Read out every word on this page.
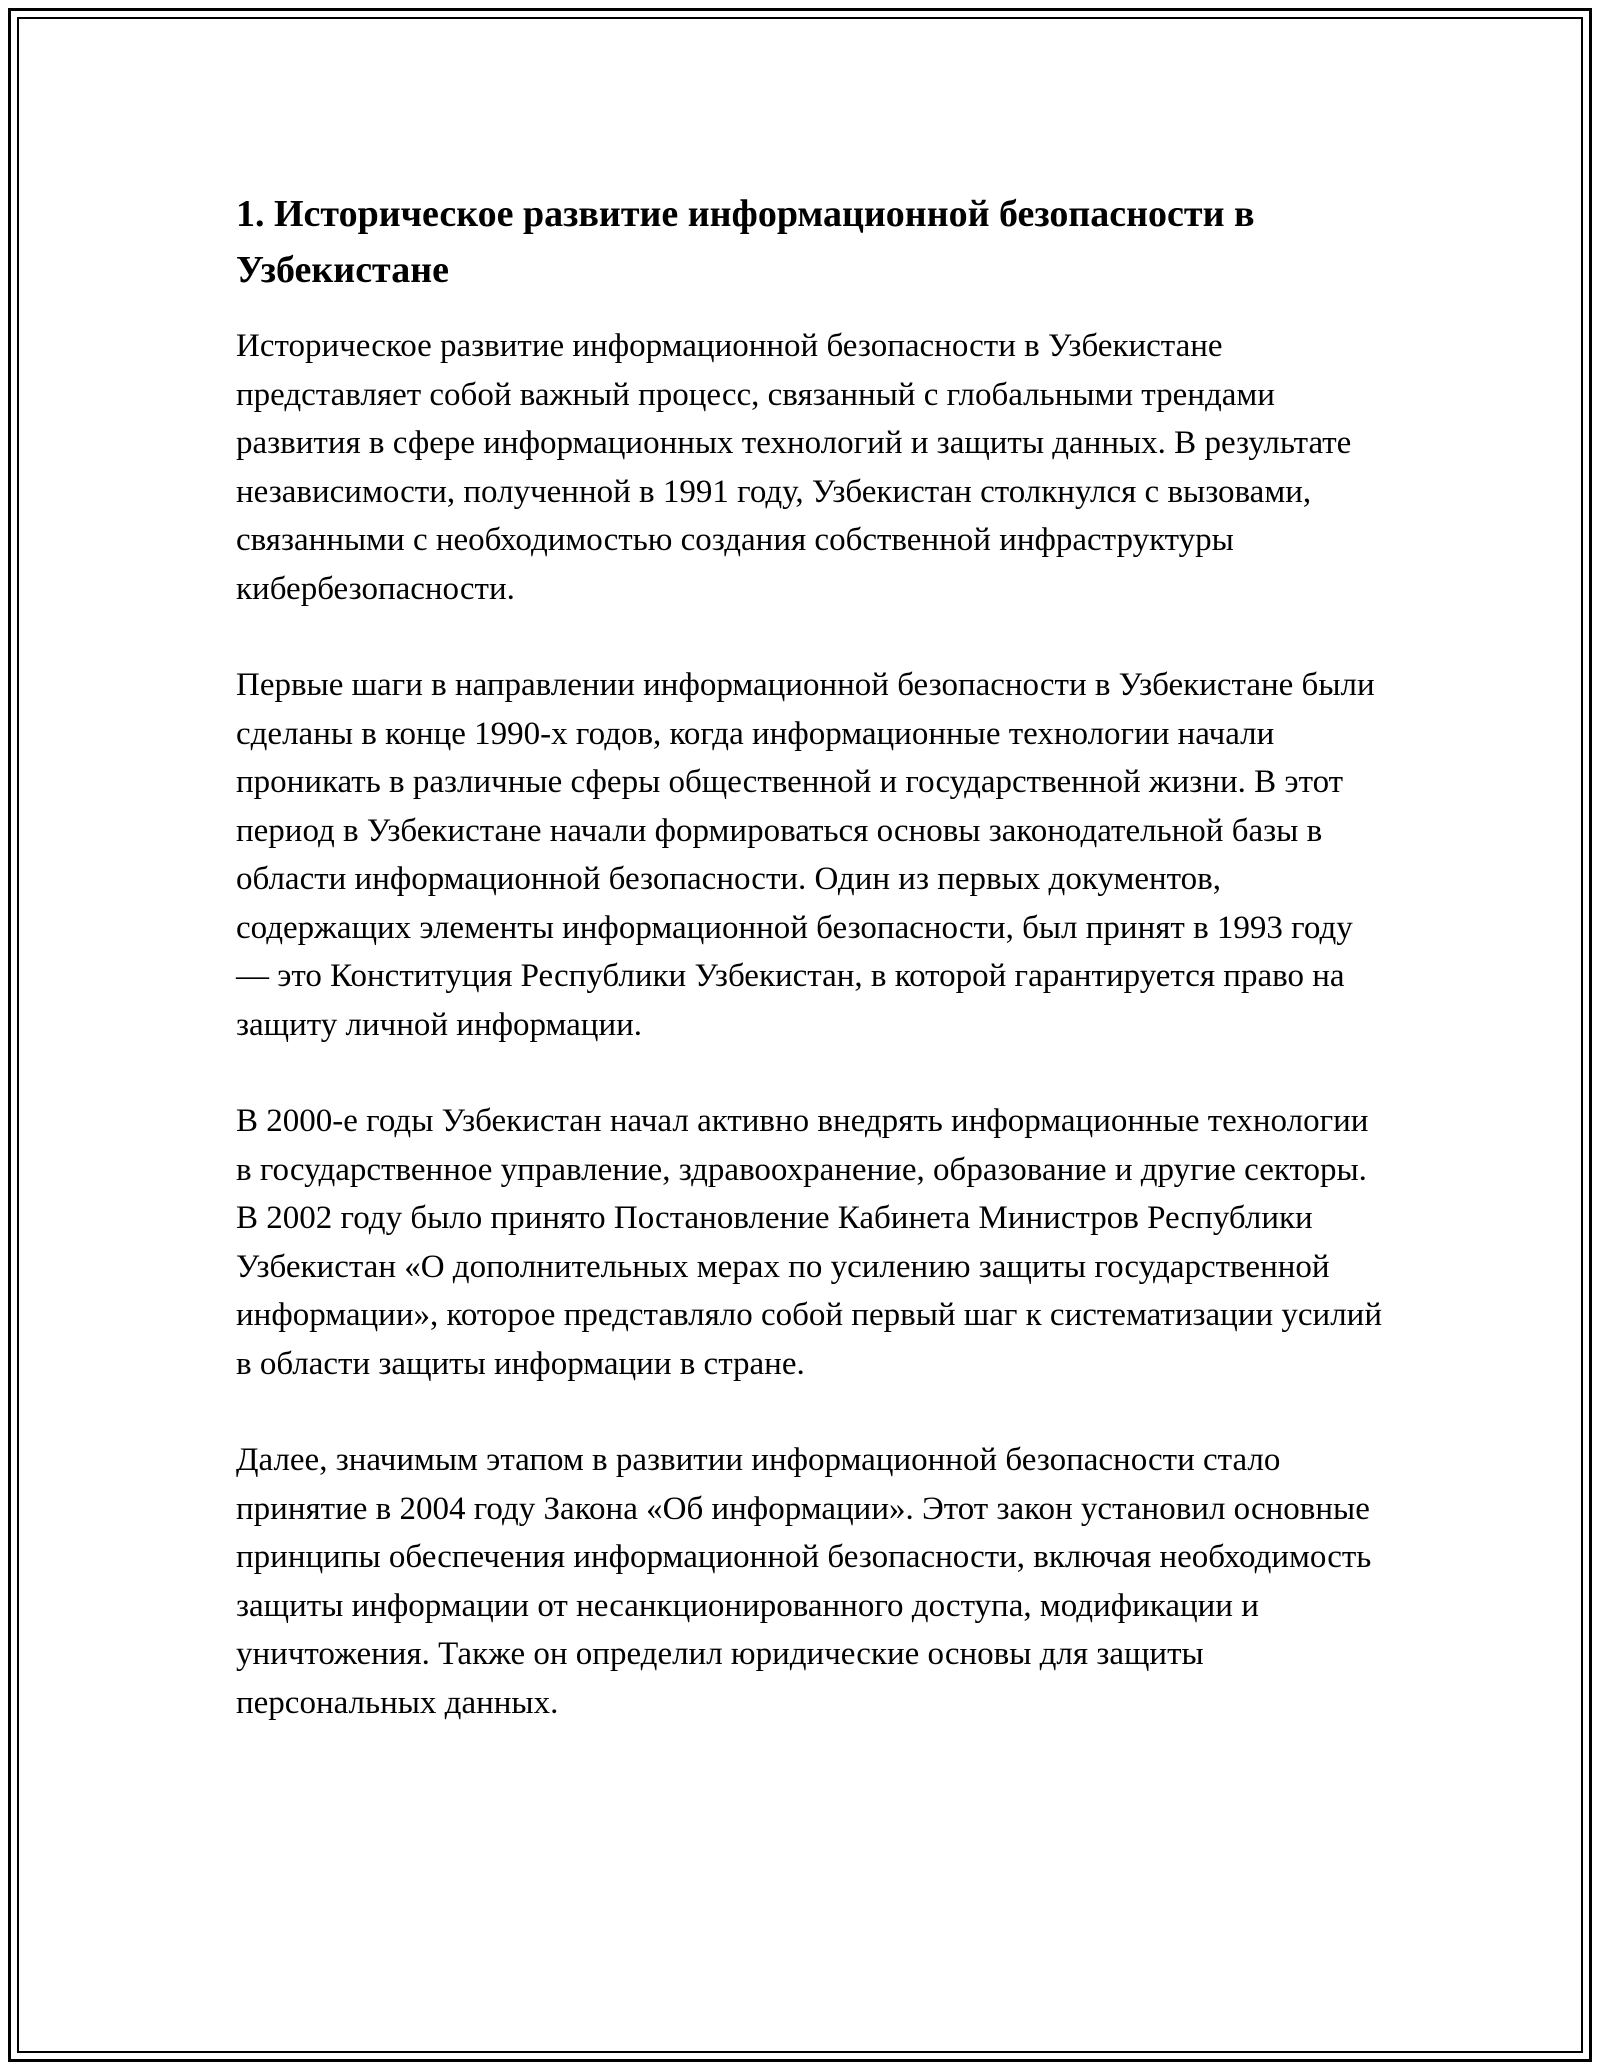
1. Историческое развитие информационной безопасности в Узбекистане

Историческое развитие информационной безопасности в Узбекистане представляет собой важный процесс, связанный с глобальными трендами развития в сфере информационных технологий и защиты данных. В результате независимости, полученной в 1991 году, Узбекистан столкнулся с вызовами, связанными с необходимостью создания собственной инфраструктуры кибербезопасности.

Первые шаги в направлении информационной безопасности в Узбекистане были сделаны в конце 1990-х годов, когда информационные технологии начали проникать в различные сферы общественной и государственной жизни. В этот период в Узбекистане начали формироваться основы законодательной базы в области информационной безопасности. Один из первых документов, содержащих элементы информационной безопасности, был принят в 1993 году — это Конституция Республики Узбекистан, в которой гарантируется право на защиту личной информации.

В 2000-е годы Узбекистан начал активно внедрять информационные технологии в государственное управление, здравоохранение, образование и другие секторы. В 2002 году было принято Постановление Кабинета Министров Республики Узбекистан «О дополнительных мерах по усилению защиты государственной информации», которое представляло собой первый шаг к систематизации усилий в области защиты информации в стране.

Далее, значимым этапом в развитии информационной безопасности стало принятие в 2004 году Закона «Об информации». Этот закон установил основные принципы обеспечения информационной безопасности, включая необходимость защиты информации от несанкционированного доступа, модификации и уничтожения. Также он определил юридические основы для защиты персональных данных.
